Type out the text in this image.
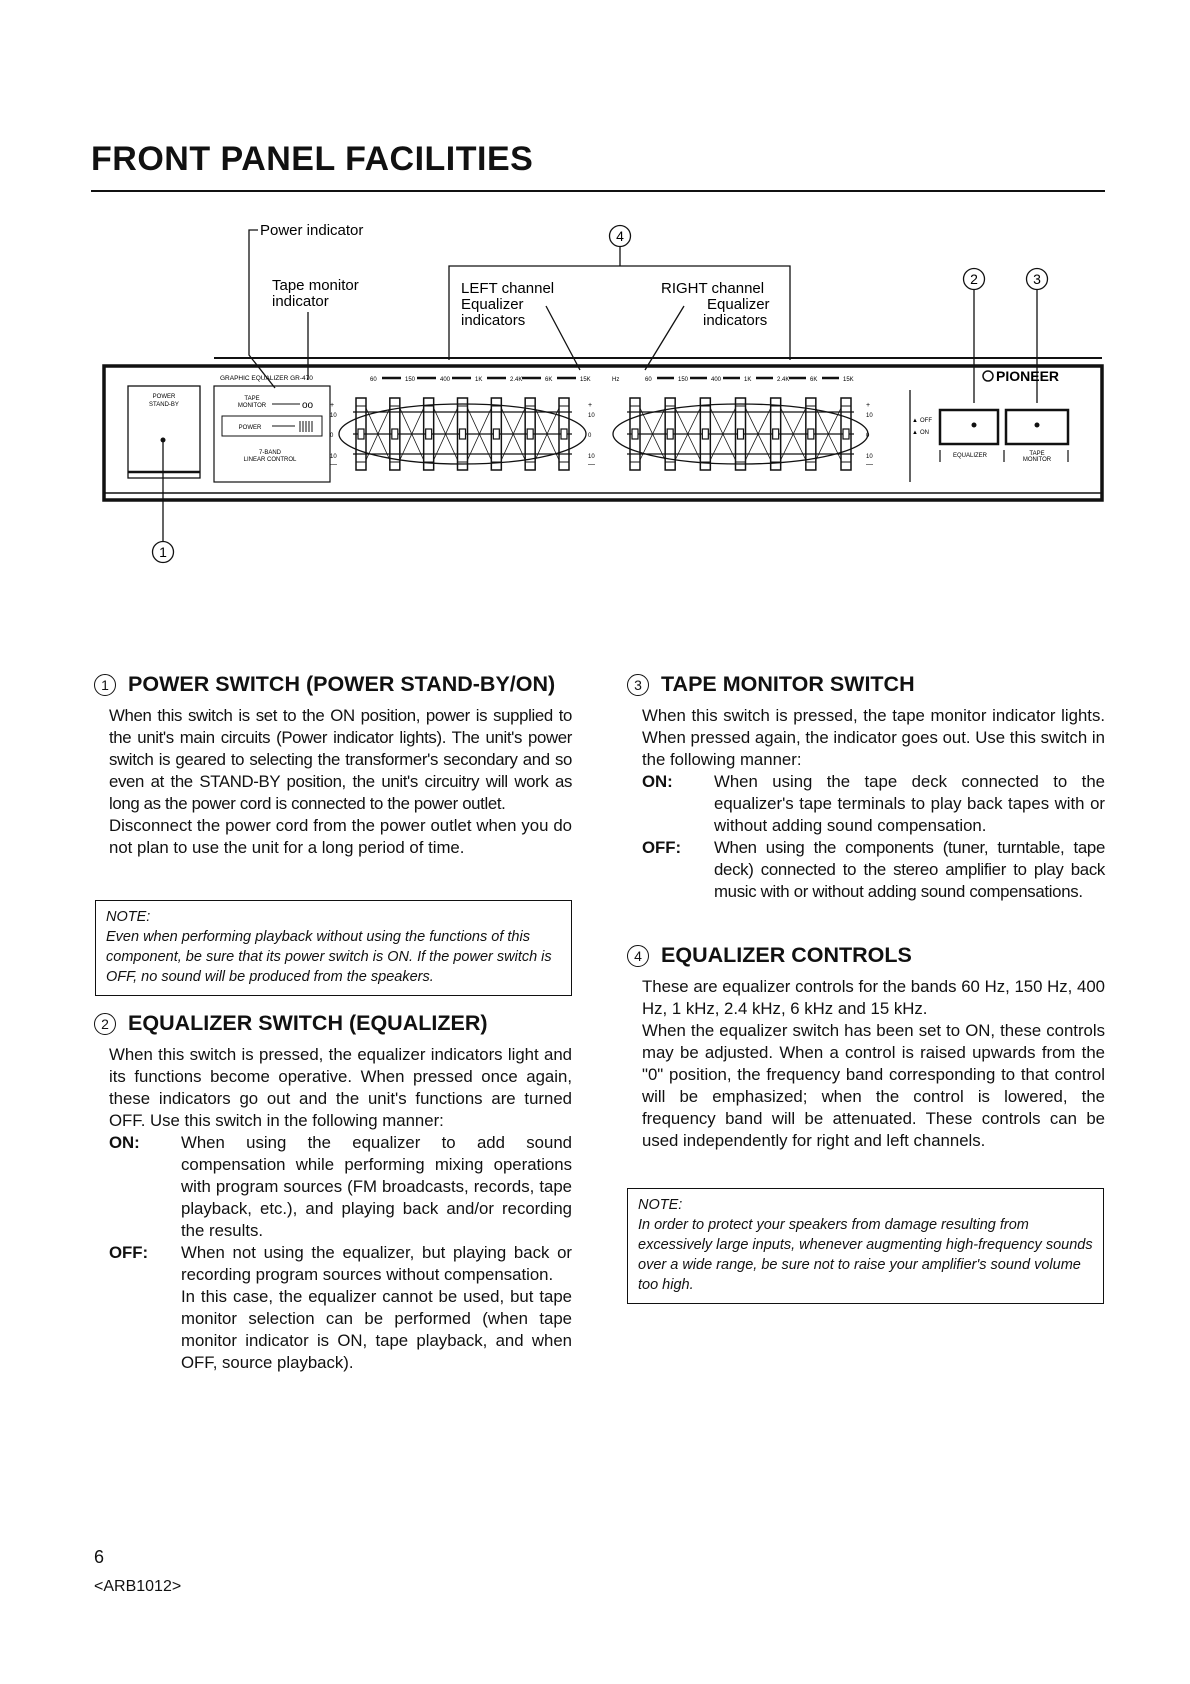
FRONT PANEL FACILITIES
Power indicator
Tape monitor
indicator
4
LEFT channel
Equalizer
indicators
RIGHT channel
Equalizer
indicators
2	3
POWER
STAND-BY
1
GRAPHIC EQUALIZER GR-470	60	150	400	1K	2.4K	6K	15K	Hz	60	150	400	1K	2.4K	6K	15K	PIONEER
TAPE
MONITOR	oo
POWER
7-BAND
LINEAR CONTROL
+
10
0
10
—
+
10
0
10
—
+
10
0
10
—
OFF
ON
▲
▲
EQUALIZER	TAPE
MONITOR
1 POWER SWITCH (POWER STAND-BY/ON)

When this switch is set to the ON position, power is supplied to the unit's main circuits (Power indicator lights). The unit's power switch is geared to selecting the transformer's secondary and so even at the STAND-BY position, the unit's circuitry will work as long as the power cord is connected to the power outlet.

Disconnect the power cord from the power outlet when you do not plan to use the unit for a long period of time.

NOTE:
Even when performing playback without using the functions of this component, be sure that its power switch is ON. If the power switch is OFF, no sound will be produced from the speakers.
2 EQUALIZER SWITCH (EQUALIZER)

When this switch is pressed, the equalizer indicators light and its functions become operative. When pressed once again, these indicators go out and the unit's functions are turned OFF. Use this switch in the following manner:

ON:	When using the equalizer to add sound compensation while performing mixing operations with program sources (FM broadcasts, records, tape playback, etc.), and playing back and/or recording the results.
OFF:	When not using the equalizer, but playing back or recording program sources without compensation.
In this case, the equalizer cannot be used, but tape monitor selection can be performed (when tape monitor indicator is ON, tape playback, and when OFF, source playback).
3 TAPE MONITOR SWITCH

When this switch is pressed, the tape monitor indicator lights. When pressed again, the indicator goes out. Use this switch in the following manner:

ON:	When using the tape deck connected to the equalizer's tape terminals to play back tapes with or without adding sound compensation.
OFF:	When using the components (tuner, turntable, tape deck) connected to the stereo amplifier to play back music with or without adding sound compensations.
4 EQUALIZER CONTROLS

These are equalizer controls for the bands 60 Hz, 150 Hz, 400 Hz, 1 kHz, 2.4 kHz, 6 kHz and 15 kHz.

When the equalizer switch has been set to ON, these controls may be adjusted. When a control is raised upwards from the "0" position, the frequency band corresponding to that control will be emphasized; when the control is lowered, the frequency band will be attenuated. These controls can be used independently for right and left channels.

NOTE:
In order to protect your speakers from damage resulting from excessively large inputs, whenever augmenting high-frequency sounds over a wide range, be sure not to raise your amplifier's sound volume too high.
6
<ARB1012>
